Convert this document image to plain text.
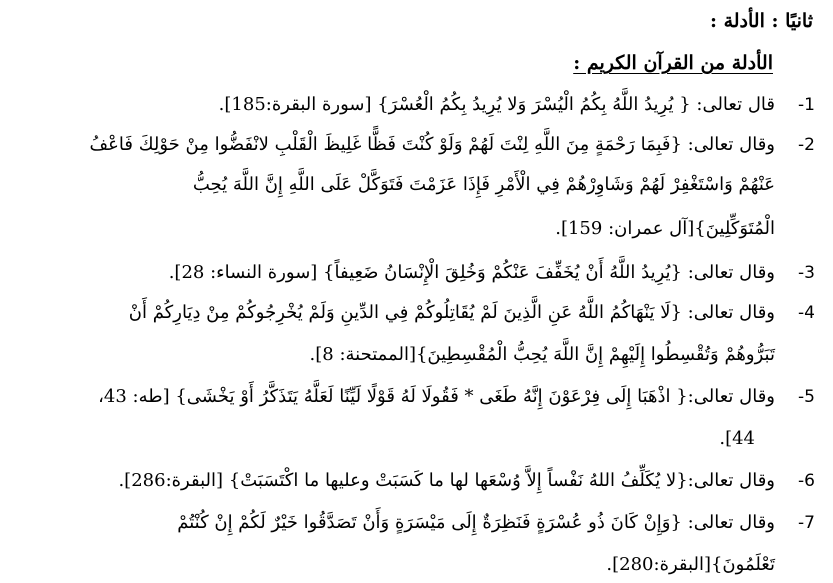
ثانيًا : الأدلة :
الأدلة من القرآن الكريم :
-1
قال تعالى: { يُرِيدُ اللَّهُ بِكُمُ الْيُسْرَ وَلا يُرِيدُ بِكُمُ الْعُسْرَ} [سورة البقرة:185].
-2
وقال تعالى: {فَبِمَا رَحْمَةٍ مِنَ اللَّهِ لِنْتَ لَهُمْ وَلَوْ كُنْتَ فَظًّا غَلِيظَ الْقَلْبِ لانْفَضُّوا مِنْ حَوْلِكَ فَاعْفُ
عَنْهُمْ وَاسْتَغْفِرْ لَهُمْ وَشَاوِرْهُمْ فِي الْأَمْرِ فَإِذَا عَزَمْتَ فَتَوَكَّلْ عَلَى اللَّهِ إِنَّ اللَّهَ يُحِبُّ
الْمُتَوَكِّلِينَ}[آل عمران: 159].
-3
وقال تعالى: {يُرِيدُ اللَّهُ أَنْ يُخَفِّفَ عَنْكُمْ وَخُلِقَ الْإِنْسَانُ ضَعِيفاً} [سورة النساء: 28].
-4
وقال تعالى: {لَا يَنْهَاكُمُ اللَّهُ عَنِ الَّذِينَ لَمْ يُقَاتِلُوكُمْ فِي الدِّينِ وَلَمْ يُخْرِجُوكُمْ مِنْ دِيَارِكُمْ أَنْ
تَبَرُّوهُمْ وَتُقْسِطُوا إِلَيْهِمْ إِنَّ اللَّهَ يُحِبُّ الْمُقْسِطِينَ}[الممتحنة: 8].
-5
وقال تعالى:{ اذْهَبَا إِلَى فِرْعَوْنَ إِنَّهُ طَغَى * فَقُولَا لَهُ قَوْلًا لَيِّنًا لَعَلَّهُ يَتَذَكَّرُ أَوْ يَخْشَى} [طه: 43،
44].
-6
وقال تعالى:{لا يُكَلِّفُ اللهُ نَفْساً إِلاَّ وُسْعَها لها ما كَسَبَتْ وعليها ما اكْتَسَبَتْ} [البقرة:286].
-7
وقال تعالى: {وَإِنْ كَانَ ذُو عُسْرَةٍ فَنَظِرَةٌ إِلَى مَيْسَرَةٍ وَأَنْ تَصَدَّقُوا خَيْرٌ لَكُمْ إِنْ كُنْتُمْ
تَعْلَمُونَ}[البقرة:280].
